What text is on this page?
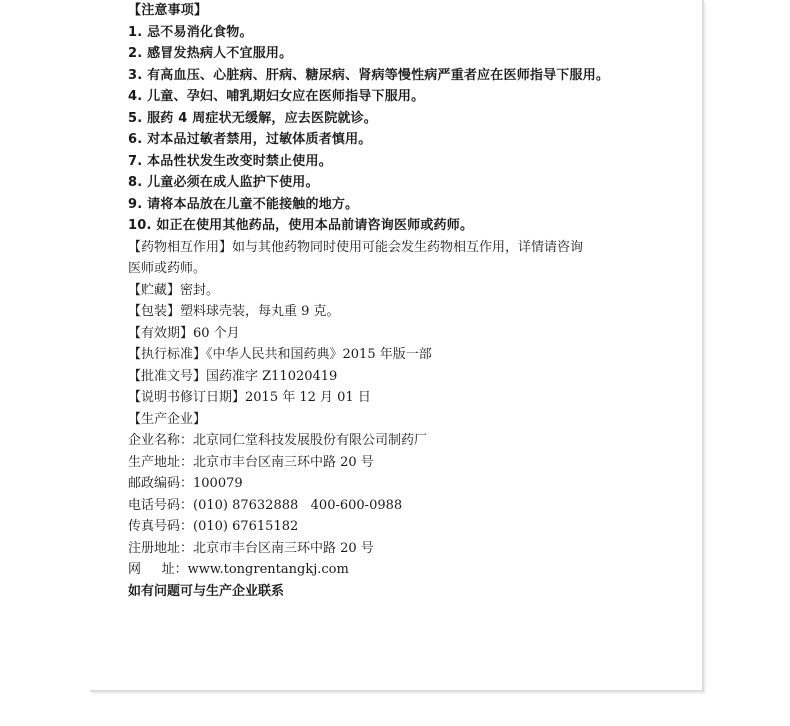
【注意事项】
1. 忌不易消化食物。
2. 感冒发热病人不宜服用。
3. 有高血压、心脏病、肝病、糖尿病、肾病等慢性病严重者应在医师指导下服用。
4. 儿童、孕妇、哺乳期妇女应在医师指导下服用。
5. 服药 4 周症状无缓解，应去医院就诊。
6. 对本品过敏者禁用，过敏体质者慎用。
7. 本品性状发生改变时禁止使用。
8. 儿童必须在成人监护下使用。
9. 请将本品放在儿童不能接触的地方。
10. 如正在使用其他药品，使用本品前请咨询医师或药师。
【药物相互作用】如与其他药物同时使用可能会发生药物相互作用，详情请咨询
医师或药师。
【贮藏】密封。
【包装】塑料球壳装，每丸重 9 克。
【有效期】60 个月
【执行标准】《中华人民共和国药典》2015 年版一部
【批准文号】国药准字 Z11020419
【说明书修订日期】2015 年 12 月 01 日
【生产企业】
企业名称：北京同仁堂科技发展股份有限公司制药厂
生产地址：北京市丰台区南三环中路 20 号
邮政编码：100079
电话号码：(010) 87632888   400-600-0988
传真号码：(010) 67615182
注册地址：北京市丰台区南三环中路 20 号
网     址：www.tongrentangkj.com
如有问题可与生产企业联系
